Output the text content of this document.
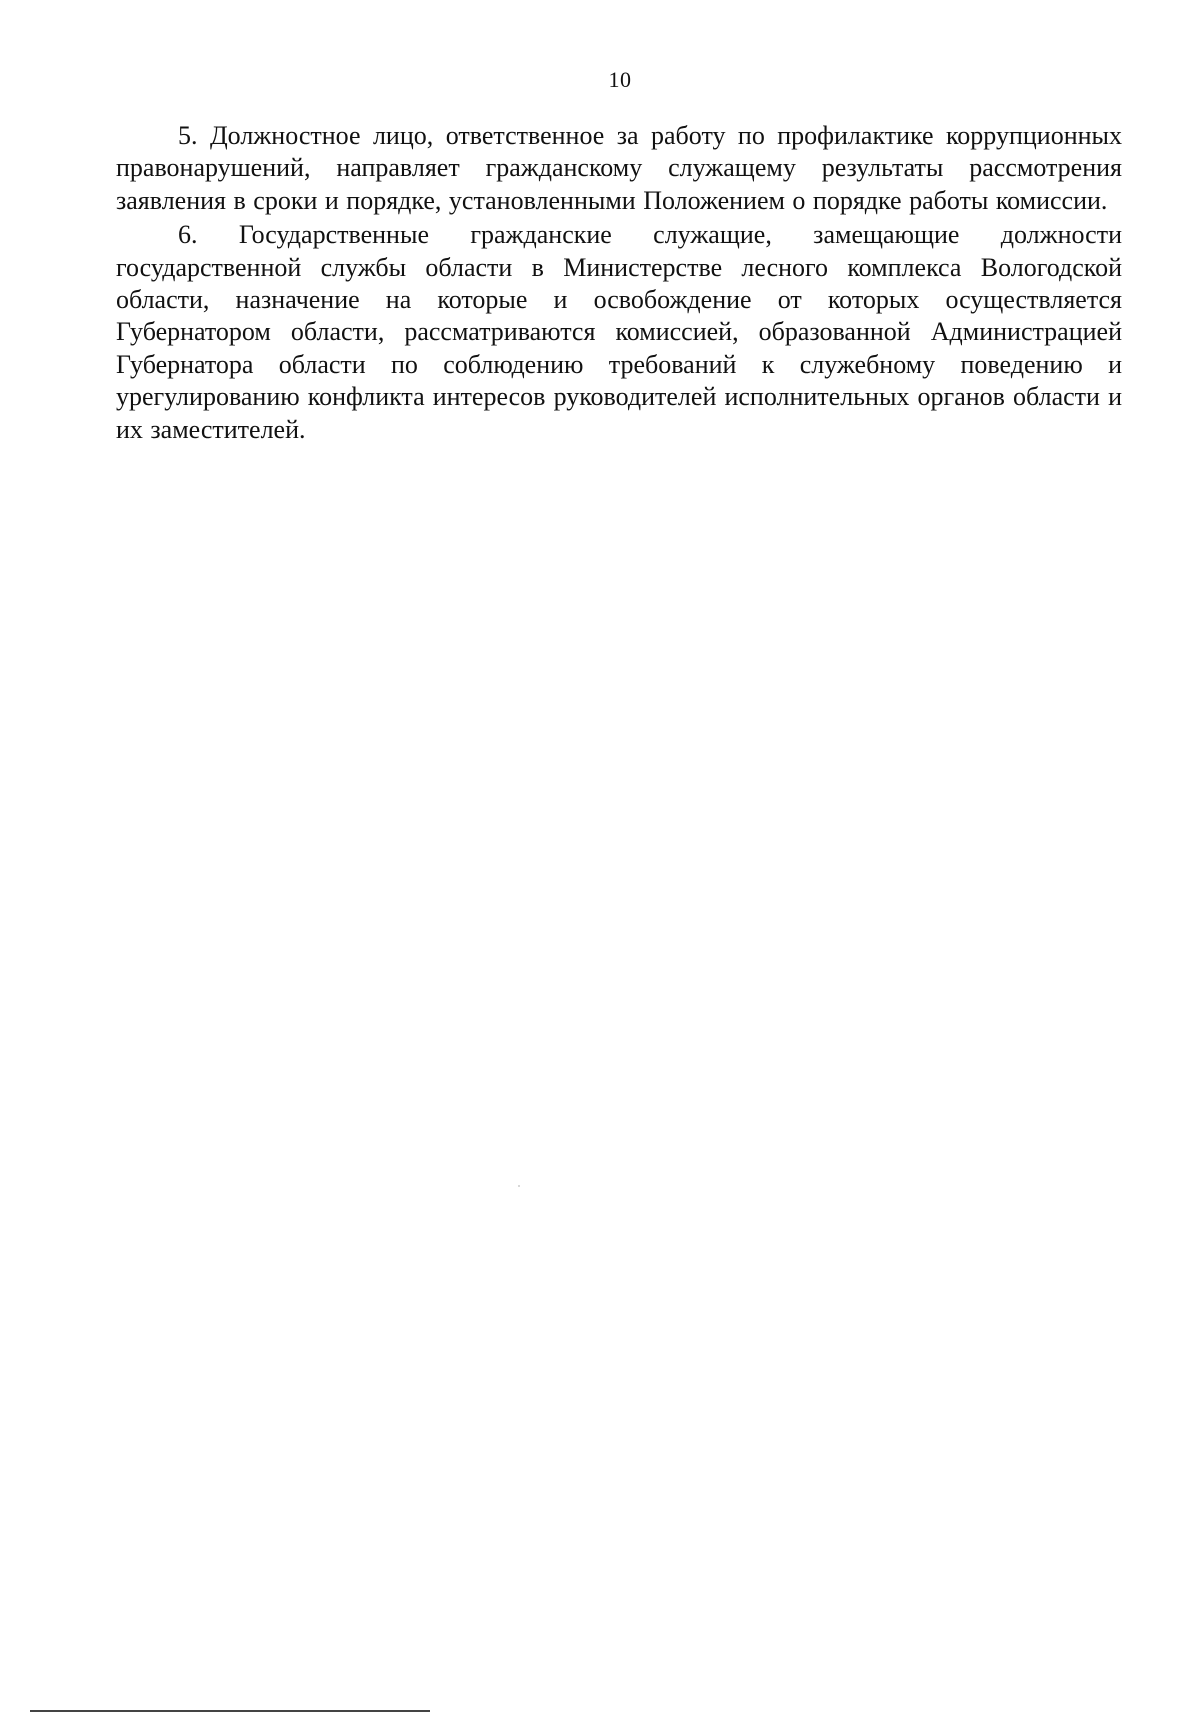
10

5. Должностное лицо, ответственное за работу по профилактике коррупционных правонарушений, направляет гражданскому служащему результаты рассмотрения заявления в сроки и порядке, установленными Положением о порядке работы комиссии.

6. Государственные гражданские служащие, замещающие должности государственной службы области в Министерстве лесного комплекса Вологодской области, назначение на которые и освобождение от которых осуществляется Губернатором области, рассматриваются комиссией, образованной Администрацией Губернатора области по соблюдению требований к служебному поведению и урегулированию конфликта интересов руководителей исполнительных органов области и их заместителей.
